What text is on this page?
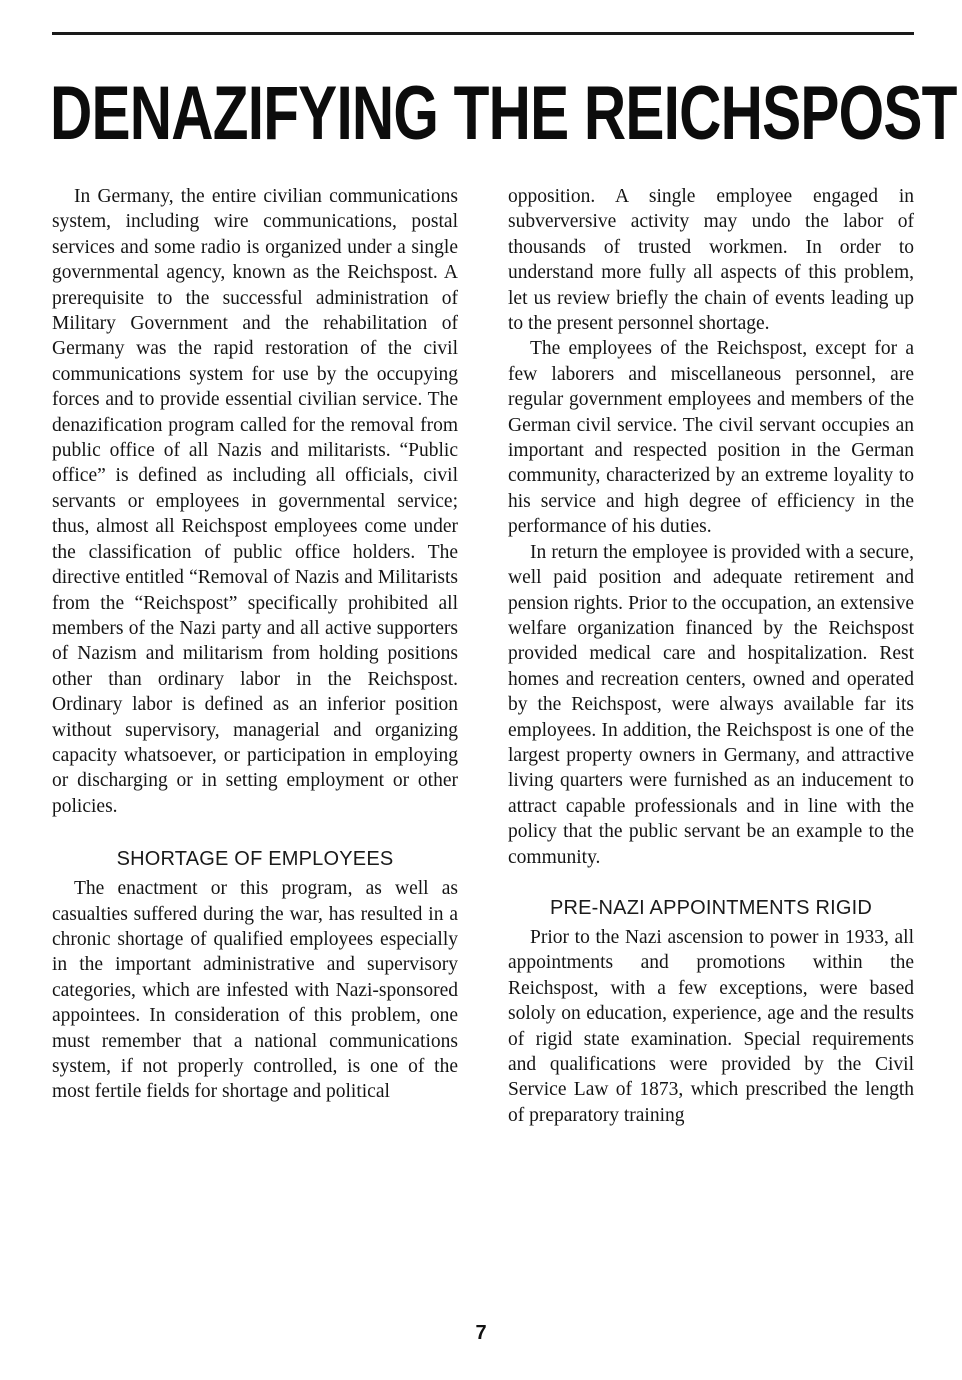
DENAZIFYING THE REICHSPOST

In Germany, the entire civilian communications system, including wire communications, postal services and some radio is organized under a single governmental agency, known as the Reichspost. A prerequisite to the successful administration of Military Government and the rehabilitation of Germany was the rapid restoration of the civil communications system for use by the occupying forces and to provide essential civilian service. The denazification program called for the removal from public office of all Nazis and militarists. “Public office” is defined as including all officials, civil servants or employees in governmental service; thus, almost all Reichspost employees come under the classification of public office holders. The directive entitled “Removal of Nazis and Militarists from the “Reichspost” specifically prohibited all members of the Nazi party and all active supporters of Nazism and militarism from holding positions other than ordinary labor in the Reichspost. Ordinary labor is defined as an inferior position without supervisory, managerial and organizing capacity whatsoever, or participation in employing or discharging or in setting employment or other policies.

SHORTAGE OF EMPLOYEES

The enactment or this program, as well as casualties suffered during the war, has resulted in a chronic shortage of qualified employees especially in the important administrative and supervisory categories, which are infested with Nazi-sponsored appointees. In consideration of this problem, one must remember that a national communications system, if not properly controlled, is one of the most fertile fields for shortage and political

opposition. A single employee engaged in subverversive activity may undo the labor of thousands of trusted workmen. In order to understand more fully all aspects of this problem, let us review briefly the chain of events leading up to the present personnel shortage.

The employees of the Reichspost, except for a few laborers and miscellaneous personnel, are regular government employees and members of the German civil service. The civil servant occupies an important and respected position in the German community, characterized by an extreme loyality to his service and high degree of efficiency in the performance of his duties.

In return the employee is provided with a secure, well paid position and adequate retirement and pension rights. Prior to the occupation, an extensive welfare organization financed by the Reichspost provided medical care and hospitalization. Rest homes and recreation centers, owned and operated by the Reichspost, were always available far its employees. In addition, the Reichspost is one of the largest property owners in Germany, and attractive living quarters were furnished as an inducement to attract capable professionals and in line with the policy that the public servant be an example to the community.

PRE-NAZI APPOINTMENTS RIGID

Prior to the Nazi ascension to power in 1933, all appointments and promotions within the Reichspost, with a few exceptions, were based sololy on education, experience, age and the results of rigid state examination. Special requirements and qualifications were provided by the Civil Service Law of 1873, which prescribed the length of preparatory training

7
